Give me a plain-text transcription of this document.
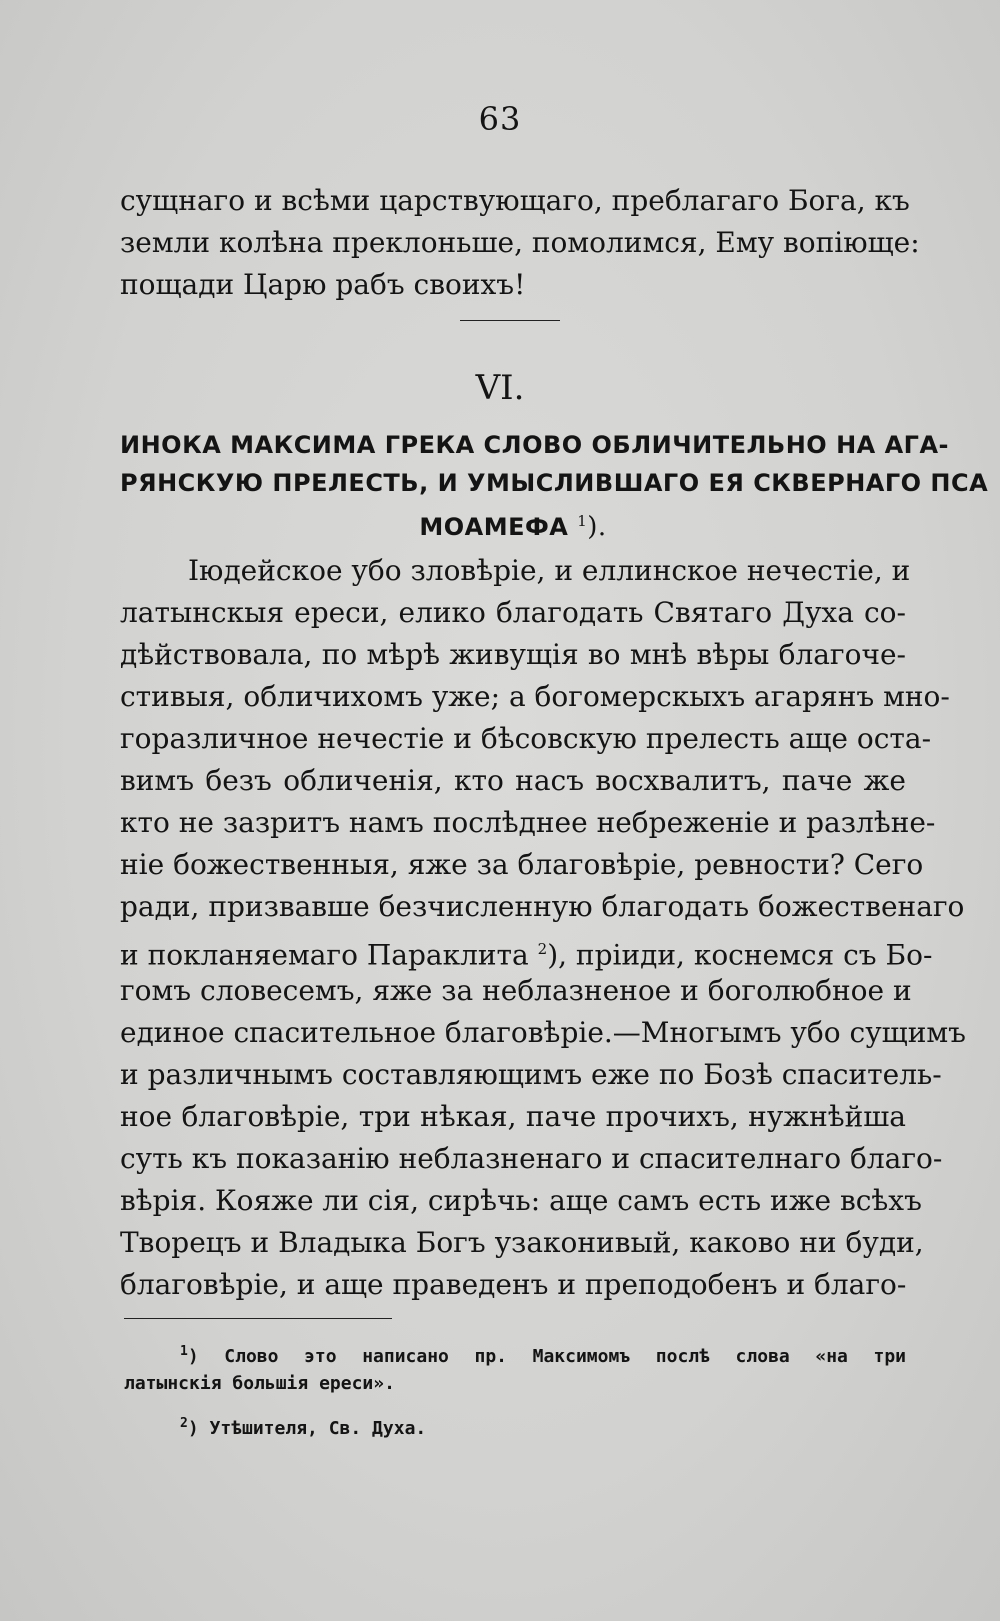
63
сущнаго и всѣми царствующаго, преблагаго Бога, къ
земли колѣна преклоньше, помолимся, Ему вопіюще:
пощади Царю рабъ своихъ!
VI.
ИНОКА МАКСИМА ГРЕКА СЛОВО ОБЛИЧИТЕЛЬНО НА АГА-
РЯНСКУЮ ПРЕЛЕСТЬ, И УМЫСЛИВШАГО ЕЯ СКВЕРНАГО ПСА
МОАМЕФА $^1$).
Іюдейское убо зловѣріе, и еллинское нечестіе, и
латынскыя ереси, елико благодать Святаго Духа со-
дѣйствовала, по мѣрѣ живущія во мнѣ вѣры благоче-
стивыя, обличихомъ уже; а богомерскыхъ агарянъ мно-
горазличное нечестіе и бѣсовскую прелесть аще оста-
вимъ безъ обличенія, кто насъ восхвалитъ, паче же
кто не зазритъ намъ послѣднее небреженіе и разлѣне-
ніе божественныя, яже за благовѣріе, ревности? Сего
ради, призвавше безчисленную благодать божественаго
и покланяемаго Параклита $^2$), пріиди, коснемся съ Бо-
гомъ словесемъ, яже за неблазненое и боголюбное и
единое спасительное благовѣріе.—Многымъ убо сущимъ
и различнымъ составляющимъ еже по Бозѣ спаситель-
ное благовѣріе, три нѣкая, паче прочихъ, нужнѣйша
суть къ показанію неблазненаго и спасителнаго благо-
вѣрія. Кояже ли сія, сирѣчь: аще самъ есть иже всѣхъ
Творецъ и Владыка Богъ узаконивый, каково ни буди,
благовѣріе, и аще праведенъ и преподобенъ и благо-
$^1$) Слово это написано пр. Максимомъ послѣ слова «на три
латынскія большія ереси».
$^2$) Утѣшителя, Св. Духа.
